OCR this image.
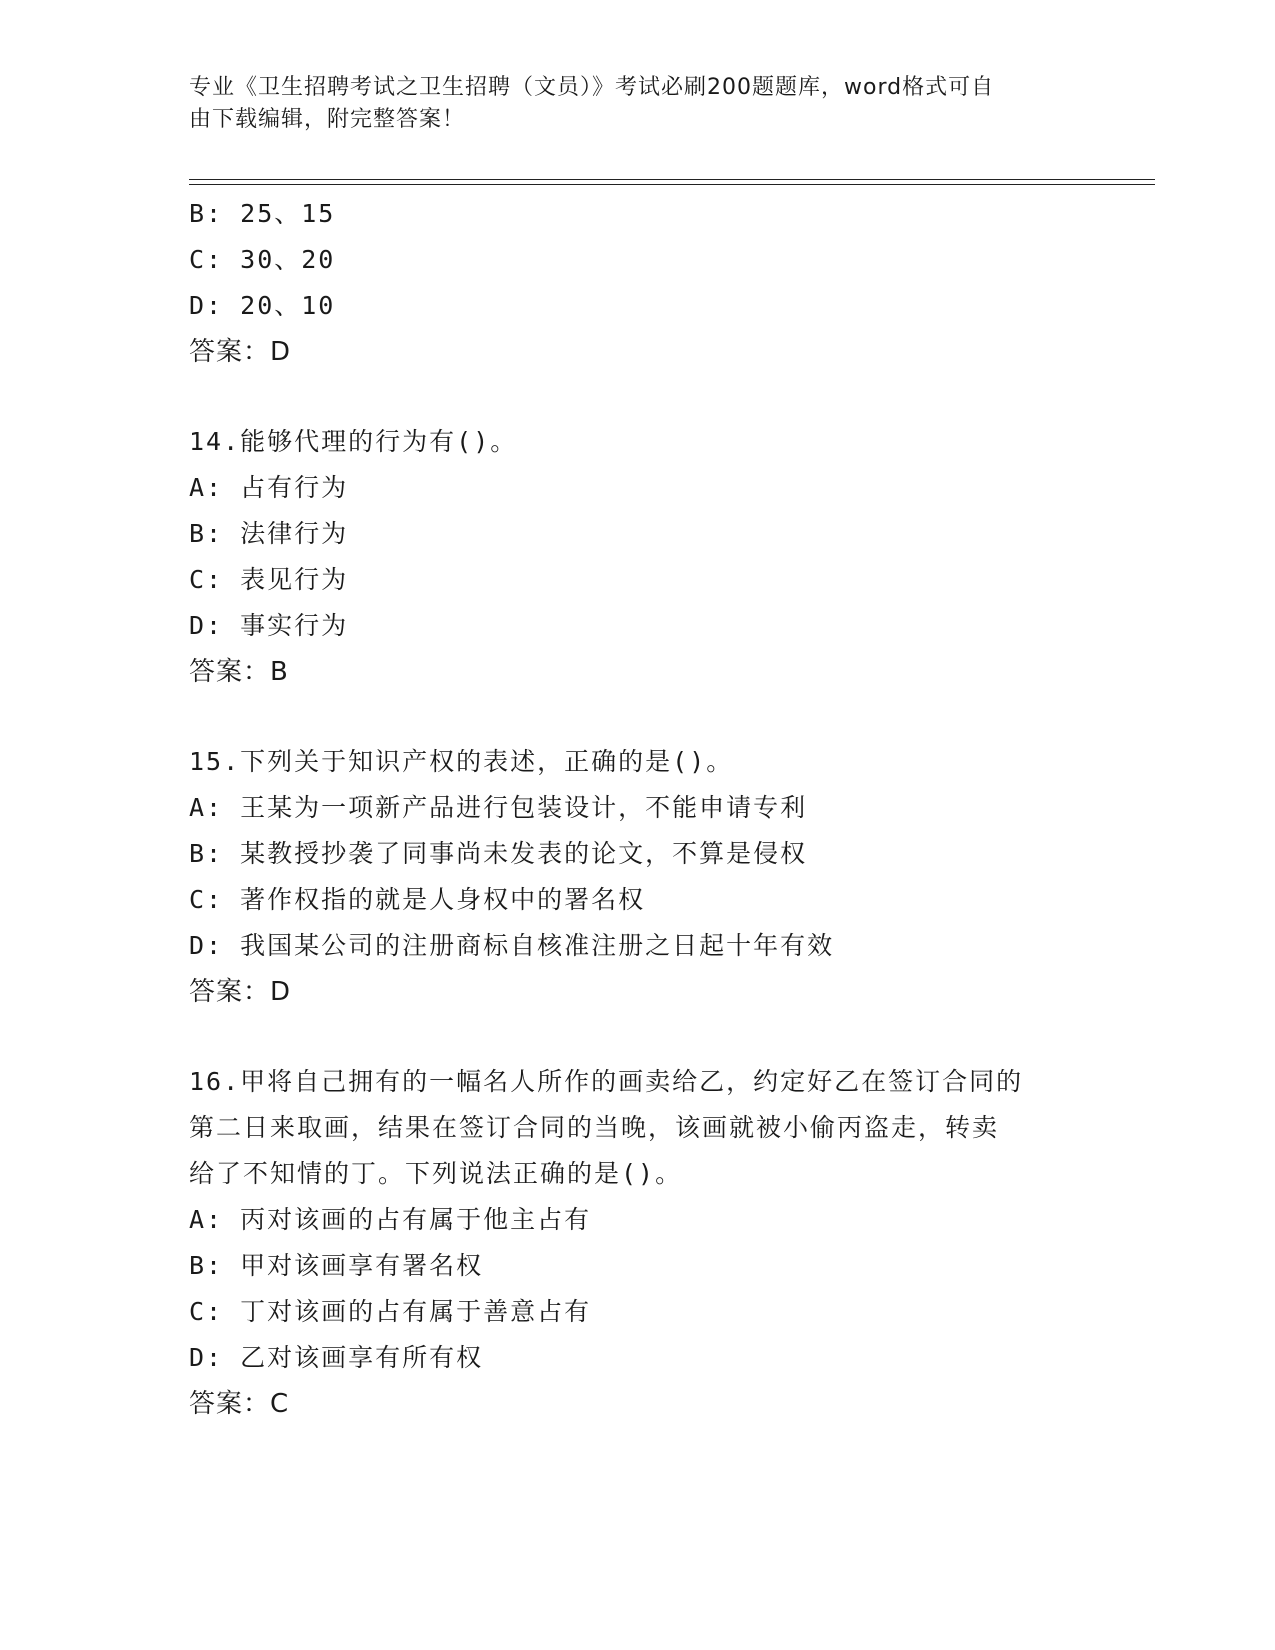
专业《卫生招聘考试之卫生招聘（文员）》考试必刷200题题库，word格式可自
由下载编辑，附完整答案！
B: 25、15
C: 30、20
D: 20、10
答案：D
14.能够代理的行为有()。
A: 占有行为
B: 法律行为
C: 表见行为
D: 事实行为
答案：B
15.下列关于知识产权的表述，正确的是()。
A: 王某为一项新产品进行包装设计，不能申请专利
B: 某教授抄袭了同事尚未发表的论文，不算是侵权
C: 著作权指的就是人身权中的署名权
D: 我国某公司的注册商标自核准注册之日起十年有效
答案：D
16.甲将自己拥有的一幅名人所作的画卖给乙，约定好乙在签订合同的
第二日来取画，结果在签订合同的当晚，该画就被小偷丙盗走，转卖
给了不知情的丁。下列说法正确的是()。
A: 丙对该画的占有属于他主占有
B: 甲对该画享有署名权
C: 丁对该画的占有属于善意占有
D: 乙对该画享有所有权
答案：C
